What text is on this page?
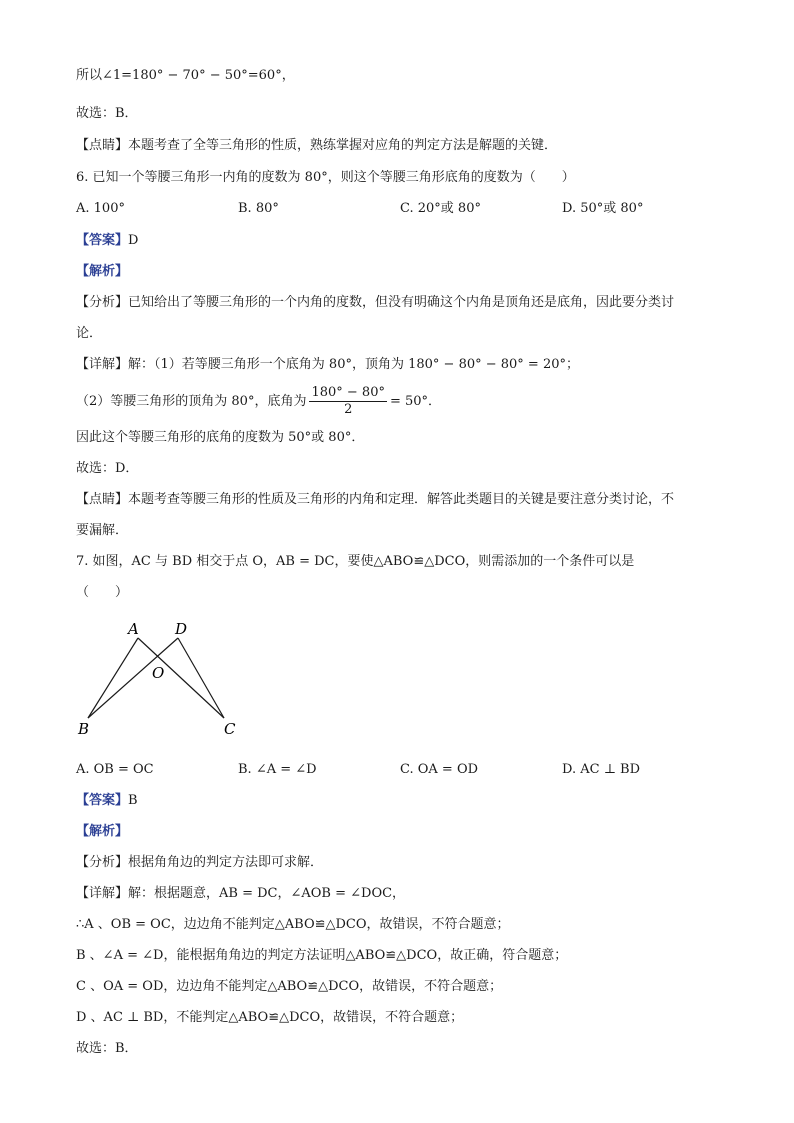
所以∠1=180° − 70° − 50°=60°，
故选：B．
【点睛】本题考查了全等三角形的性质，熟练掌握对应角的判定方法是解题的关键．
6. 已知一个等腰三角形一内角的度数为 80°，则这个等腰三角形底角的度数为（　　）
A. 100°	B. 80°	C. 20°或 80°	D. 50°或 80°
【答案】D
【解析】
【分析】已知给出了等腰三角形的一个内角的度数，但没有明确这个内角是顶角还是底角，因此要分类讨
论．
【详解】解：（1）若等腰三角形一个底角为 80°，顶角为 180° − 80° − 80° = 20°；
（2）等腰三角形的顶角为 80°，底角为 $\frac{180^\circ - 80^\circ}{2} = 50^\circ$．
因此这个等腰三角形的底角的度数为 50°或 80°．
故选：D．
【点睛】本题考查等腰三角形的性质及三角形的内角和定理．解答此类题目的关键是要注意分类讨论，不
要漏解．
7. 如图，AC 与 BD 相交于点 O，AB = DC，要使△ABO≌△DCO，则需添加的一个条件可以是
（　　）
A D
O
B	C
A. OB = OC	B. ∠A = ∠D	C. OA = OD	D. AC ⊥ BD
【答案】B
【解析】
【分析】根据角角边的判定方法即可求解．
【详解】解：根据题意，AB = DC，∠AOB = ∠DOC，
∴A 、OB = OC，边边角不能判定△ABO≌△DCO，故错误，不符合题意；
B 、∠A = ∠D，能根据角角边的判定方法证明△ABO≌△DCO，故正确，符合题意；
C 、OA = OD，边边角不能判定△ABO≌△DCO，故错误，不符合题意；
D 、AC ⊥ BD，不能判定△ABO≌△DCO，故错误，不符合题意；
故选：B．
